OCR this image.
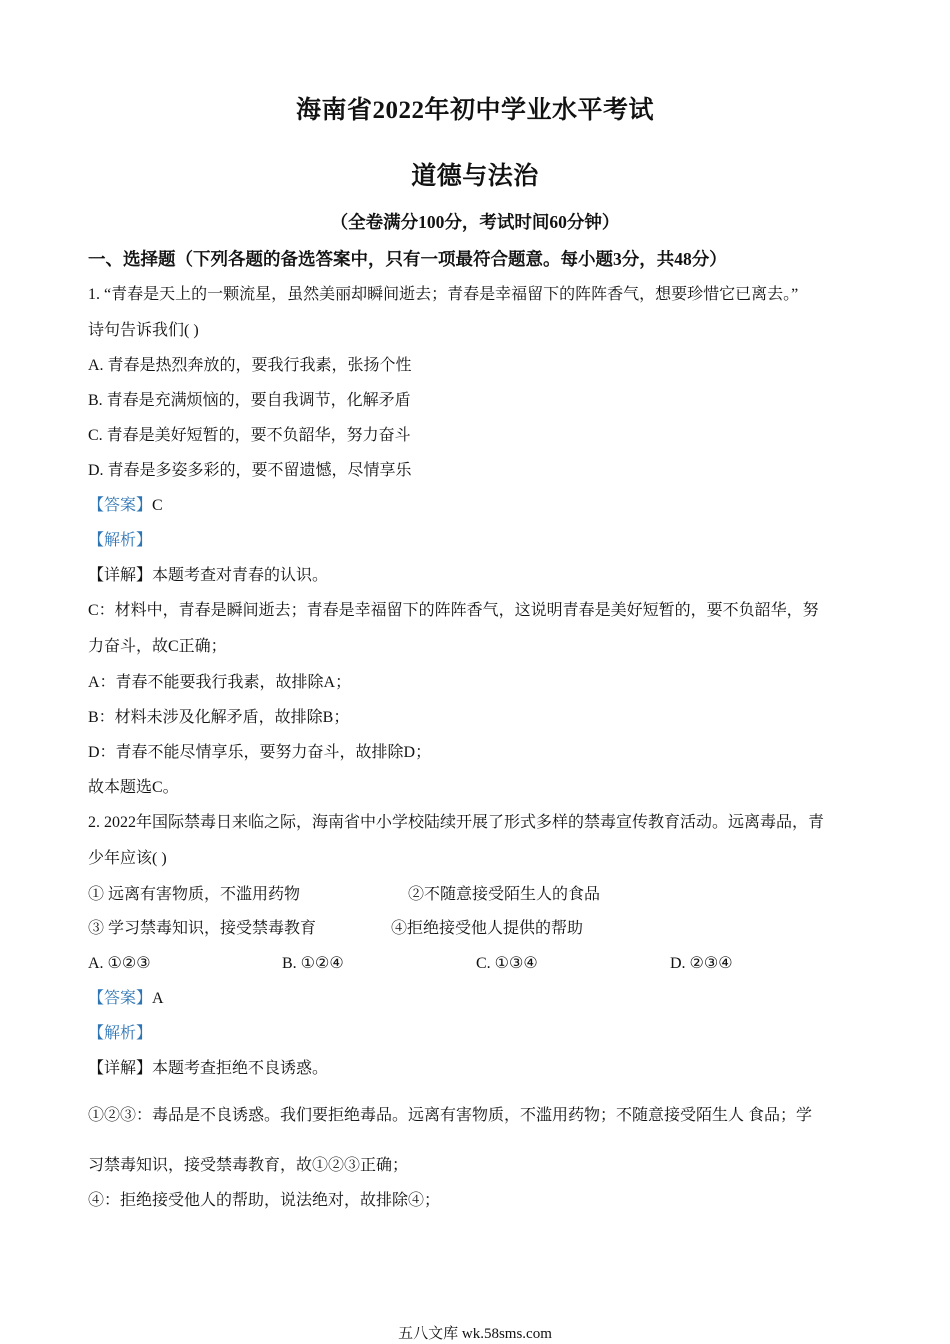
海南省2022年初中学业水平考试
道德与法治
（全卷满分100分，考试时间60分钟）
一、选择题（下列各题的备选答案中，只有一项最符合题意。每小题3分，共48分）
1. “青春是天上的一颗流星，虽然美丽却瞬间逝去；青春是幸福留下的阵阵香气，想要珍惜它已离去。”
诗句告诉我们( )
A. 青春是热烈奔放的，要我行我素，张扬个性
B. 青春是充满烦恼的，要自我调节，化解矛盾
C. 青春是美好短暂的，要不负韶华，努力奋斗
D. 青春是多姿多彩的，要不留遗憾，尽情享乐
【答案】C
【解析】
【详解】本题考查对青春的认识。
C：材料中，青春是瞬间逝去；青春是幸福留下的阵阵香气，这说明青春是美好短暂的，要不负韶华，努
力奋斗，故C正确；
A：青春不能要我行我素，故排除A；
B：材料未涉及化解矛盾，故排除B；
D：青春不能尽情享乐，要努力奋斗，故排除D；
故本题选C。
2. 2022年国际禁毒日来临之际，海南省中小学校陆续开展了形式多样的禁毒宣传教育活动。远离毒品，青
少年应该( )
① 远离有害物质，不滥用药物	②不随意接受陌生人的食品
③ 学习禁毒知识，接受禁毒教育	④拒绝接受他人提供的帮助
A. ①②③	B. ①②④	C. ①③④	D. ②③④
【答案】A
【解析】
【详解】本题考查拒绝不良诱惑。
①②③：毒品是不良诱惑。我们要拒绝毒品。远离有害物质，不滥用药物；不随意接受陌生人 食品；学
习禁毒知识，接受禁毒教育，故①②③正确；
④：拒绝接受他人的帮助，说法绝对，故排除④；
五八文库 wk.58sms.com
